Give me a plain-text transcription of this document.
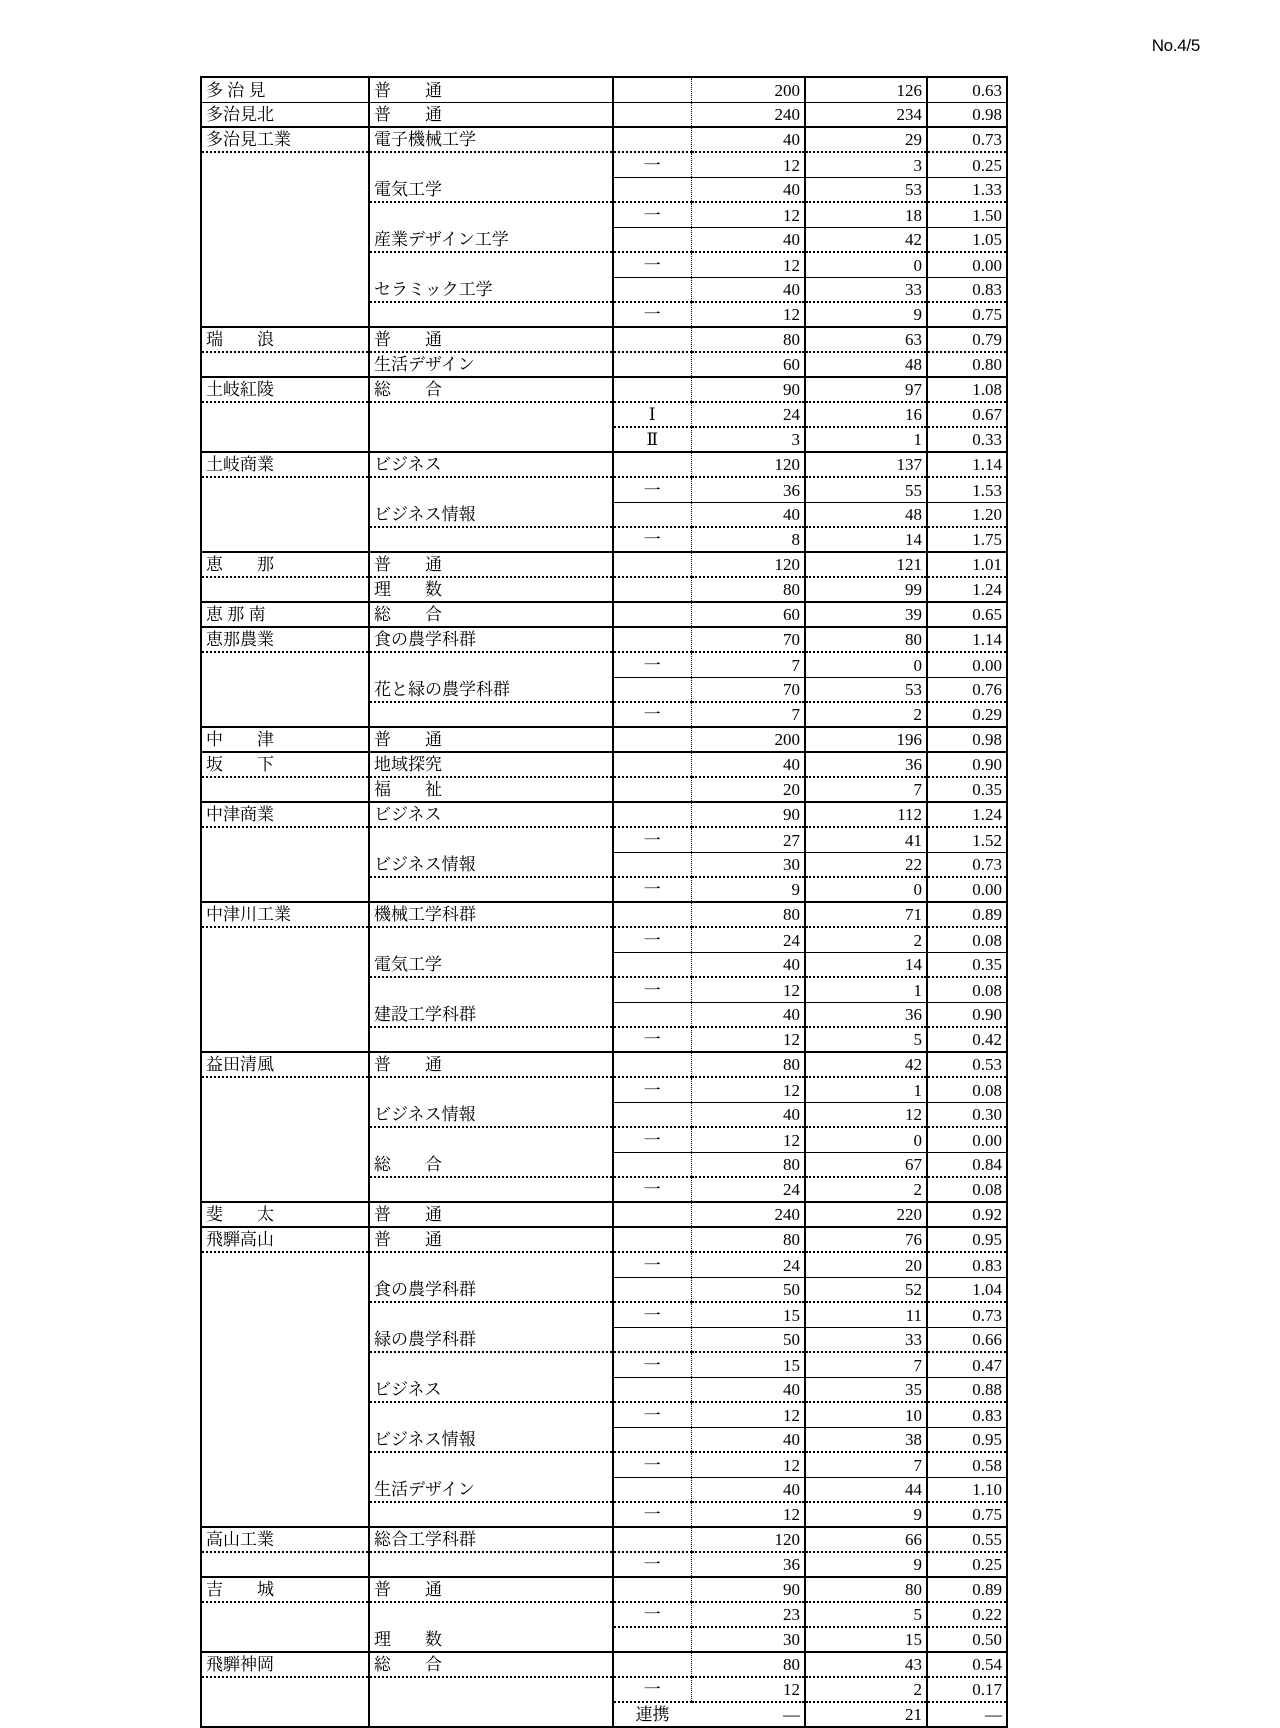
No.4/5
多 治 見	普　　通		200	126	0.63
多治見北	普　　通		240	234	0.98
多治見工業	電子機械工学		40	29	0.73
		一	12	3	0.25
	電気工学		40	53	1.33
		一	12	18	1.50
	産業デザイン工学		40	42	1.05
		一	12	0	0.00
	セラミック工学		40	33	0.83
		一	12	9	0.75
瑞　　浪	普　　通		80	63	0.79
	生活デザイン		60	48	0.80
土岐紅陵	総　　合		90	97	1.08
		Ⅰ	24	16	0.67
		Ⅱ	3	1	0.33
土岐商業	ビジネス		120	137	1.14
		一	36	55	1.53
	ビジネス情報		40	48	1.20
		一	8	14	1.75
恵　　那	普　　通		120	121	1.01
	理　　数		80	99	1.24
恵 那 南	総　　合		60	39	0.65
恵那農業	食の農学科群		70	80	1.14
		一	7	0	0.00
	花と緑の農学科群		70	53	0.76
		一	7	2	0.29
中　　津	普　　通		200	196	0.98
坂　　下	地域探究		40	36	0.90
	福　　祉		20	7	0.35
中津商業	ビジネス		90	112	1.24
		一	27	41	1.52
	ビジネス情報		30	22	0.73
		一	9	0	0.00
中津川工業	機械工学科群		80	71	0.89
		一	24	2	0.08
	電気工学		40	14	0.35
		一	12	1	0.08
	建設工学科群		40	36	0.90
		一	12	5	0.42
益田清風	普　　通		80	42	0.53
		一	12	1	0.08
	ビジネス情報		40	12	0.30
		一	12	0	0.00
	総　　合		80	67	0.84
		一	24	2	0.08
斐　　太	普　　通		240	220	0.92
飛騨高山	普　　通		80	76	0.95
		一	24	20	0.83
	食の農学科群		50	52	1.04
		一	15	11	0.73
	緑の農学科群		50	33	0.66
		一	15	7	0.47
	ビジネス		40	35	0.88
		一	12	10	0.83
	ビジネス情報		40	38	0.95
		一	12	7	0.58
	生活デザイン		40	44	1.10
		一	12	9	0.75
高山工業	総合工学科群		120	66	0.55
		一	36	9	0.25
吉　　城	普　　通		90	80	0.89
		一	23	5	0.22
	理　　数		30	15	0.50
飛騨神岡	総　　合		80	43	0.54
		一	12	2	0.17
		連携	—	21	—
